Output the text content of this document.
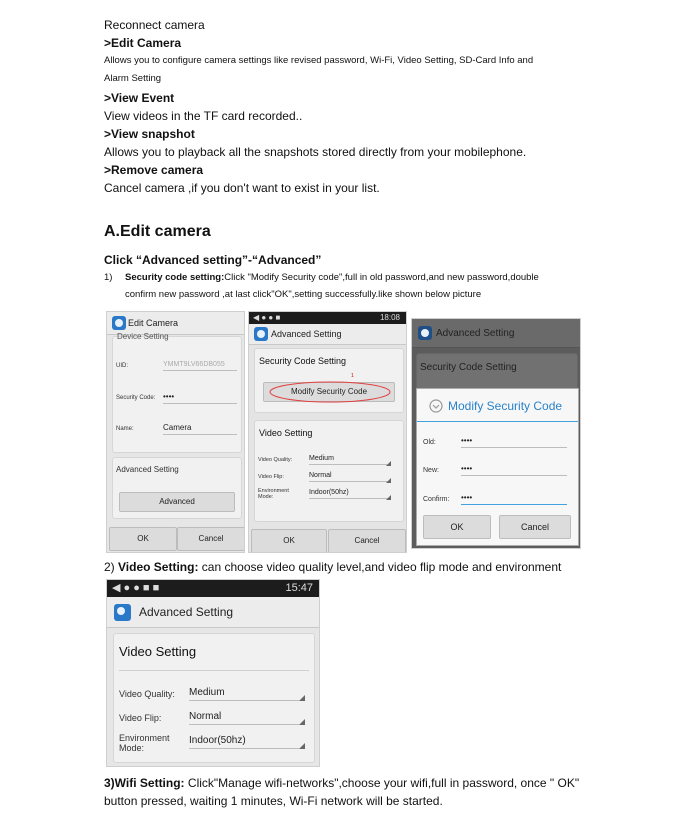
Reconnect camera
>Edit Camera
Allows you to configure camera settings like revised password, Wi-Fi, Video Setting, SD-Card Info and
Alarm Setting
>View Event
View videos in the TF card recorded..
>View snapshot
Allows you to playback all the snapshots stored directly from your mobilephone.
>Remove camera
Cancel camera ,if you don't want to exist in your list.
A.Edit camera
Click “Advanced setting”-“Advanced”
1) Security code setting:Click "Modify Security code",full in old password,and new password,double
confirm new password ,at last click"OK",setting successfully.like shown below picture
Edit Camera
Device Setting
UID:	YMMT9LV66DB055
Security Code: ••••
Name:	Camera
Advanced Setting
Advanced
OK	Cancel
◀ ● ● ■	18:08
Advanced Setting
Security Code Setting
1
Modify Security Code
Video Setting
Video Quality: Medium
Video Flip:	Normal
Environment Mode:
Indoor(50hz)
OK	Cancel
Advanced Setting
Security Code Setting
Modify Security Code
Old:	••••
New:	••••
Confirm: ••••
OK	Cancel
2) Video Setting: can choose video quality level,and video flip mode and environment
◀ ● ● ■ ■	15:47
Advanced Setting
Video Setting
Video Quality: Medium
Video Flip:	Normal
Environment Mode:
Indoor(50hz)
3)Wifi Setting: Click"Manage wifi-networks",choose your wifi,full in password, once " OK"
button pressed, waiting 1 minutes, Wi-Fi network will be started.
